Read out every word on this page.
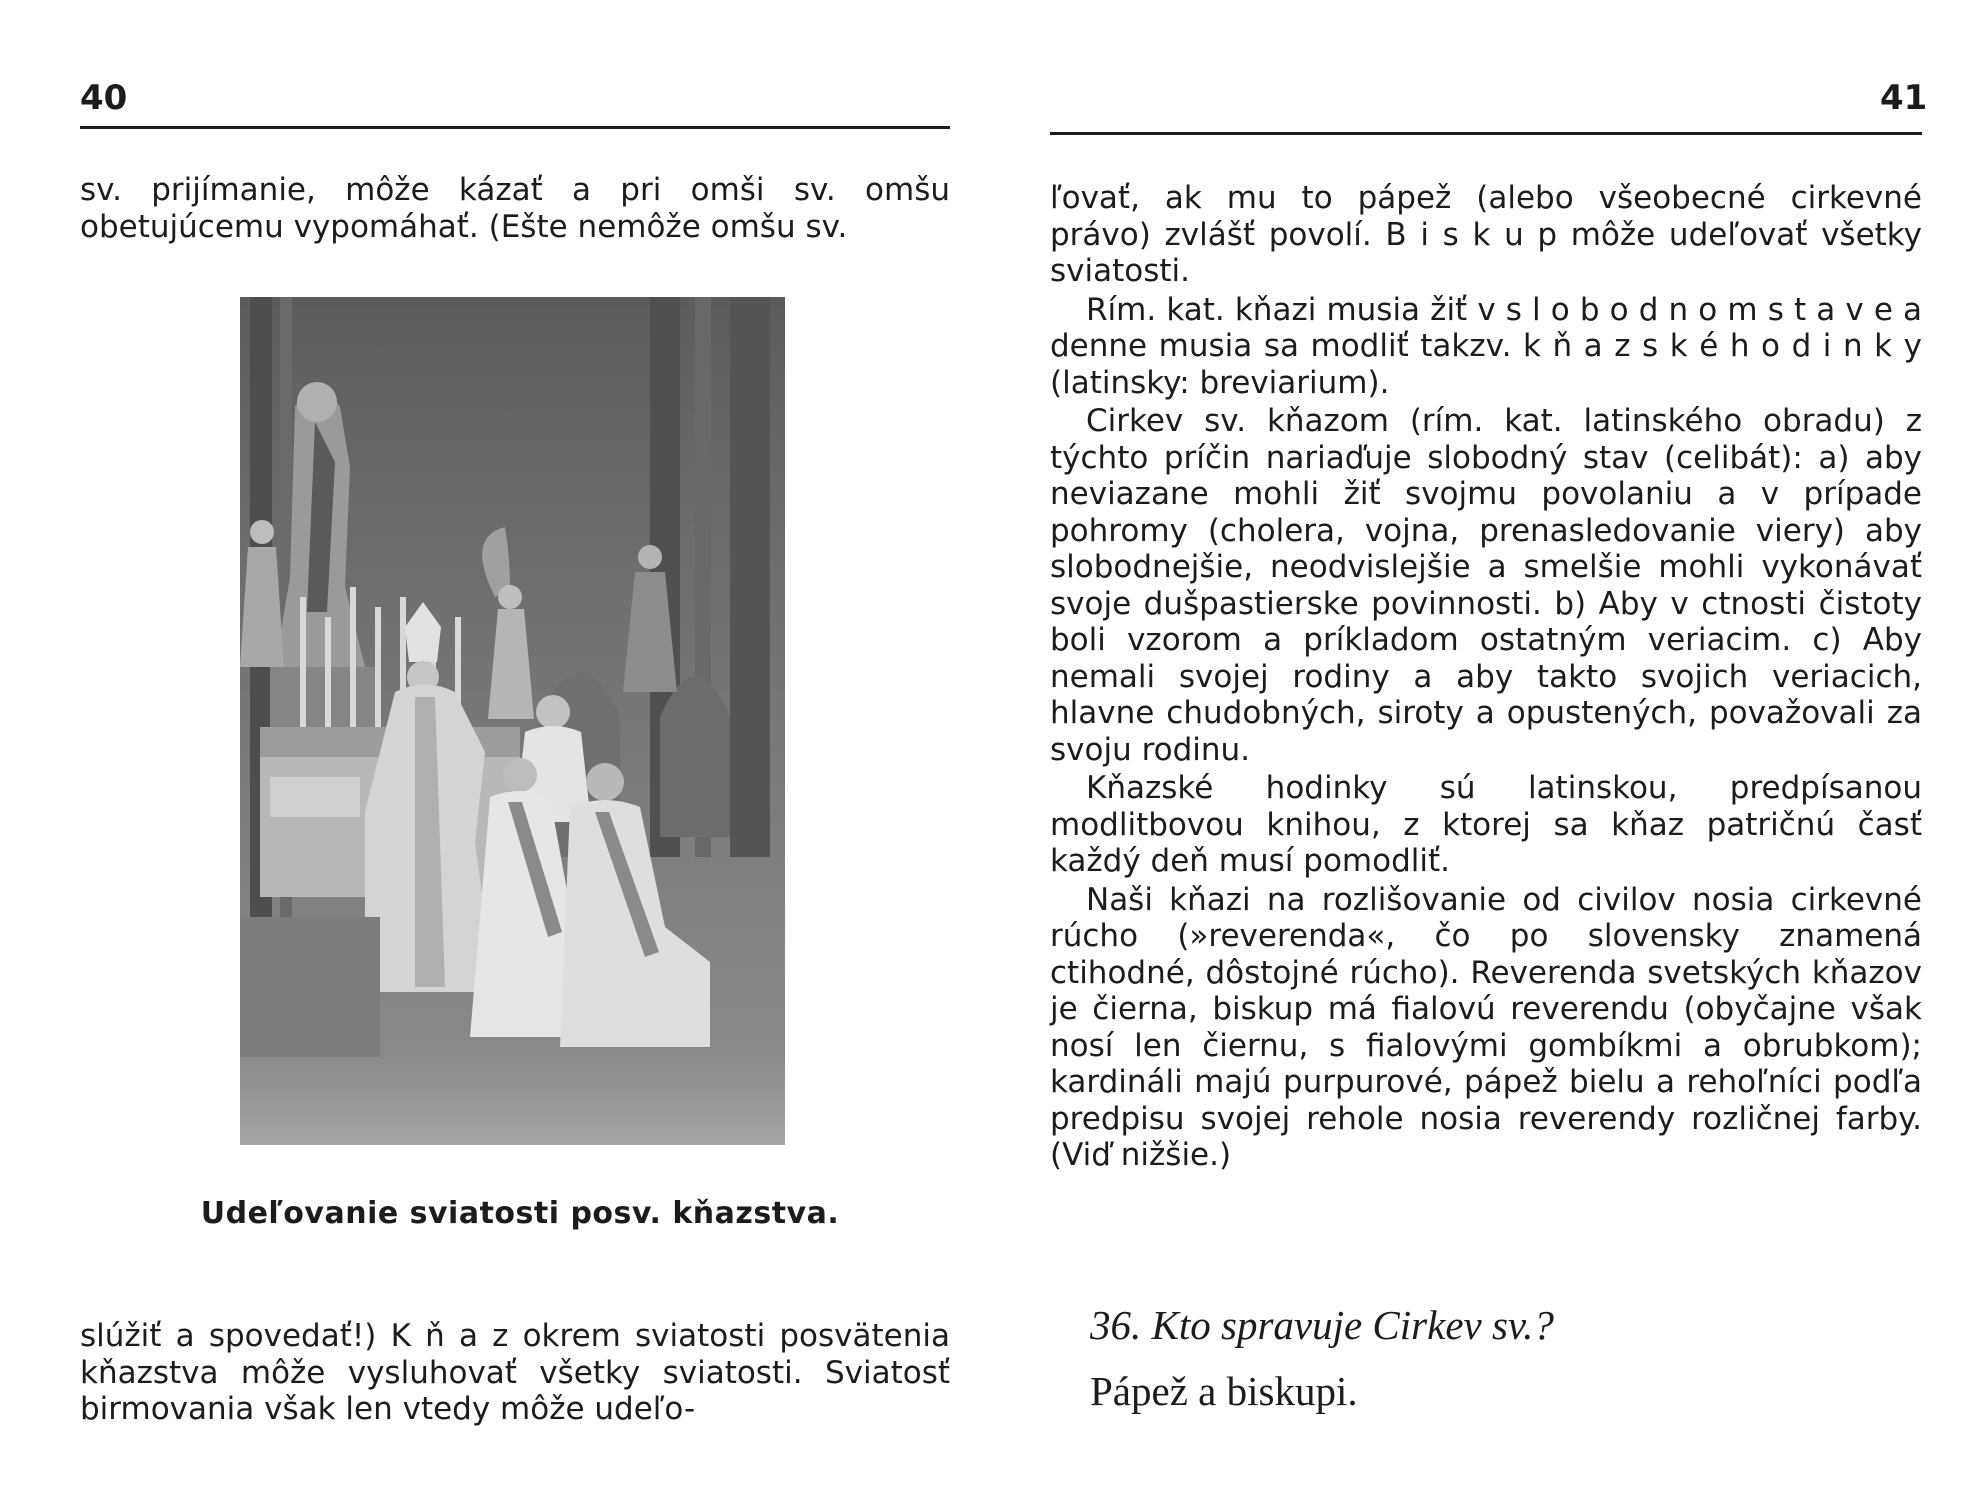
40

sv. prijímanie, môže kázať a pri omši sv. omšu obetujúcemu vypomáhať. (Ešte nemôže omšu sv.

Udeľovanie sviatosti posv. kňazstva.

slúžiť a spovedať!) K ň a z okrem sviatosti posvätenia kňazstva môže vysluhovať všetky sviatosti. Sviatosť birmovania však len vtedy môže udeľo-

41

ľovať, ak mu to pápež (alebo všeobecné cirkevné právo) zvlášť povolí. B i s k u p môže udeľovať všetky sviatosti.

Rím. kat. kňazi musia žiť v s l o b o d n o m s t a v e a denne musia sa modliť takzv. k ň a z s k é h o d i n k y (latinsky: breviarium).

Cirkev sv. kňazom (rím. kat. latinského obradu) z týchto príčin nariaďuje slobodný stav (celibát): a) aby neviazane mohli žiť svojmu povolaniu a v prípade pohromy (cholera, vojna, prenasledovanie viery) aby slobodnejšie, neodvislejšie a smelšie mohli vykonávať svoje dušpastierske povinnosti. b) Aby v ctnosti čistoty boli vzorom a príkladom ostatným veriacim. c) Aby nemali svojej rodiny a aby takto svojich veriacich, hlavne chudobných, siroty a opustených, považovali za svoju rodinu.

Kňazské hodinky sú latinskou, predpísanou modlitbovou knihou, z ktorej sa kňaz patričnú časť každý deň musí pomodliť.

Naši kňazi na rozlišovanie od civilov nosia cirkevné rúcho (»reverenda«, čo po slovensky znamená ctihodné, dôstojné rúcho). Reverenda svetských kňazov je čierna, biskup má fialovú reverendu (obyčajne však nosí len čiernu, s fialovými gombíkmi a obrubkom); kardináli majú purpurové, pápež bielu a rehoľníci podľa predpisu svojej rehole nosia reverendy rozličnej farby. (Viď nižšie.)

36. Kto spravuje Cirkev sv.?
Pápež a biskupi.
